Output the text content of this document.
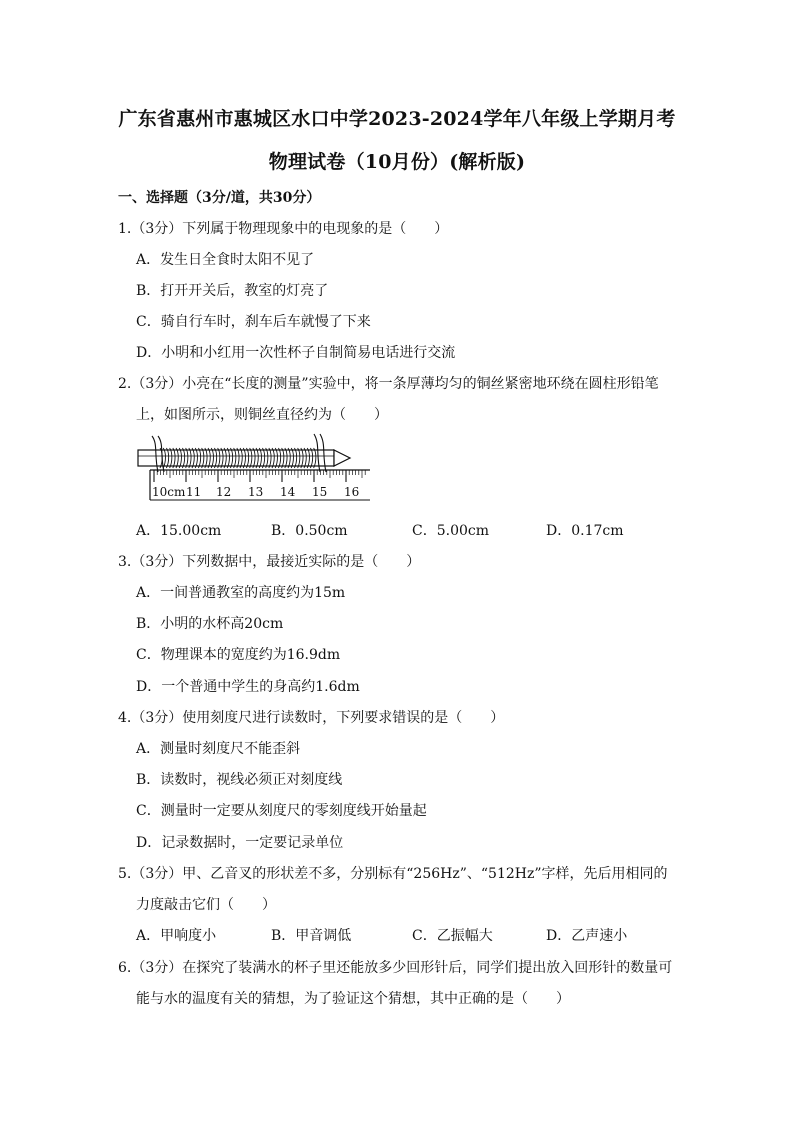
广东省惠州市惠城区水口中学2023-2024学年八年级上学期月考
物理试卷（10月份）(解析版)
一、选择题（3分/道，共30分）
1.（3分）下列属于物理现象中的电现象的是（　　）
A．发生日全食时太阳不见了
B．打开开关后，教室的灯亮了
C．骑自行车时，刹车后车就慢了下来
D．小明和小红用一次性杯子自制简易电话进行交流
2.（3分）小亮在“长度的测量”实验中，将一条厚薄均匀的铜丝紧密地环绕在圆柱形铅笔
上，如图所示，则铜丝直径约为（　　）
10cm 11 12 13 14 15 16
A．15.00cm	B．0.50cm	C．5.00cm	D．0.17cm
3.（3分）下列数据中，最接近实际的是（　　）
A．一间普通教室的高度约为15m
B．小明的水杯高20cm
C．物理课本的宽度约为16.9dm
D．一个普通中学生的身高约1.6dm
4.（3分）使用刻度尺进行读数时，下列要求错误的是（　　）
A．测量时刻度尺不能歪斜
B．读数时，视线必须正对刻度线
C．测量时一定要从刻度尺的零刻度线开始量起
D．记录数据时，一定要记录单位
5.（3分）甲、乙音叉的形状差不多，分别标有“256Hz”、“512Hz”字样，先后用相同的
力度敲击它们（　　）
A．甲响度小	B．甲音调低	C．乙振幅大	D．乙声速小
6.（3分）在探究了装满水的杯子里还能放多少回形针后，同学们提出放入回形针的数量可
能与水的温度有关的猜想，为了验证这个猜想，其中正确的是（　　）
